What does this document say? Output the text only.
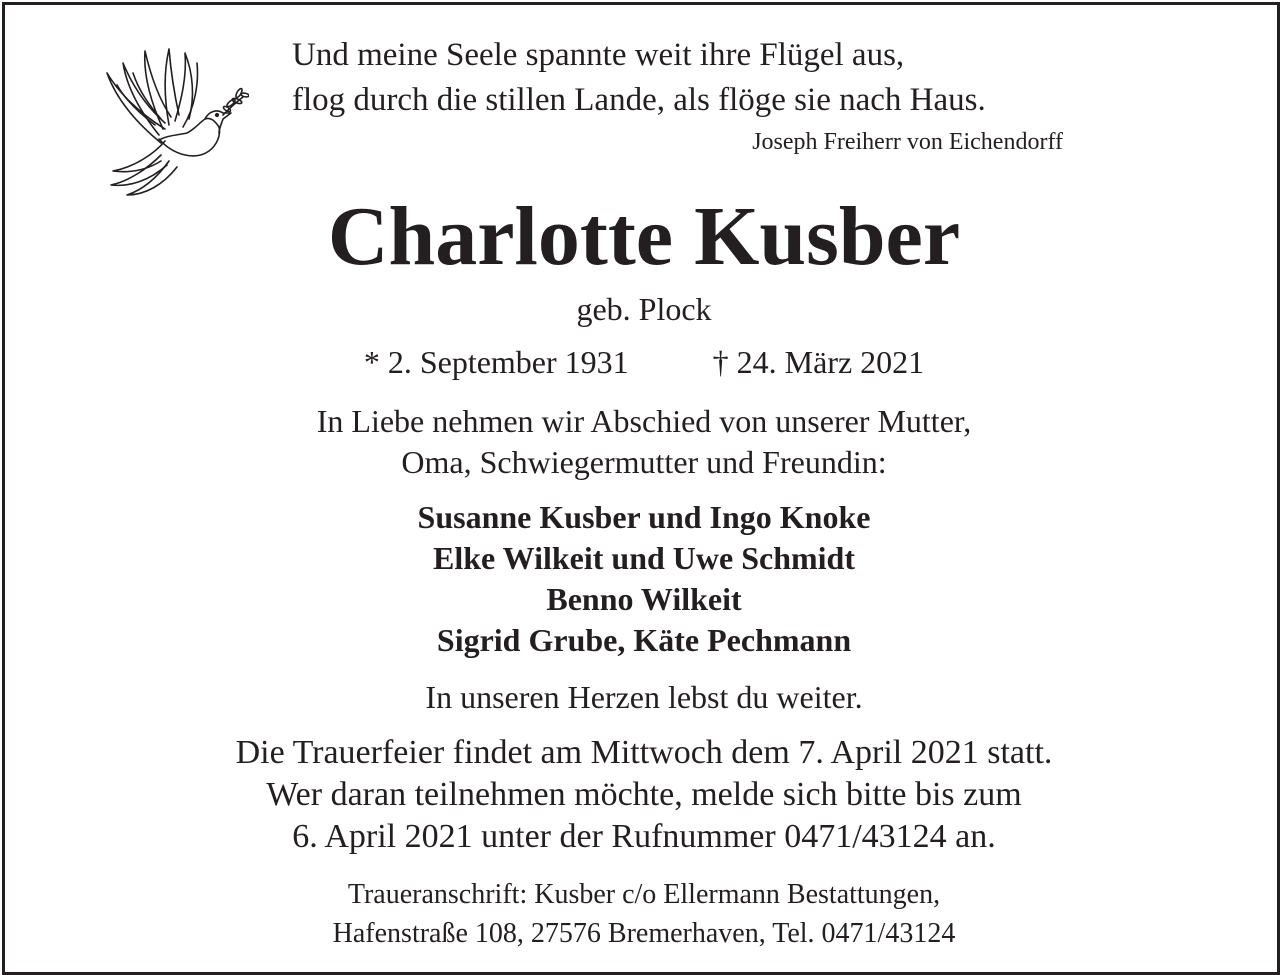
Und meine Seele spannte weit ihre Flügel aus,
flog durch die stillen Lande, als flöge sie nach Haus.
Joseph Freiherr von Eichendorff
Charlotte Kusber
geb. Plock
* 2. September 1931	† 24. März 2021
In Liebe nehmen wir Abschied von unserer Mutter,
Oma, Schwiegermutter und Freundin:
Susanne Kusber und Ingo Knoke
Elke Wilkeit und Uwe Schmidt
Benno Wilkeit
Sigrid Grube, Käte Pechmann
In unseren Herzen lebst du weiter.
Die Trauerfeier findet am Mittwoch dem 7. April 2021 statt.
Wer daran teilnehmen möchte, melde sich bitte bis zum
6. April 2021 unter der Rufnummer 0471/43124 an.
Traueranschrift: Kusber c/o Ellermann Bestattungen,
Hafenstraße 108, 27576 Bremerhaven, Tel. 0471/43124
